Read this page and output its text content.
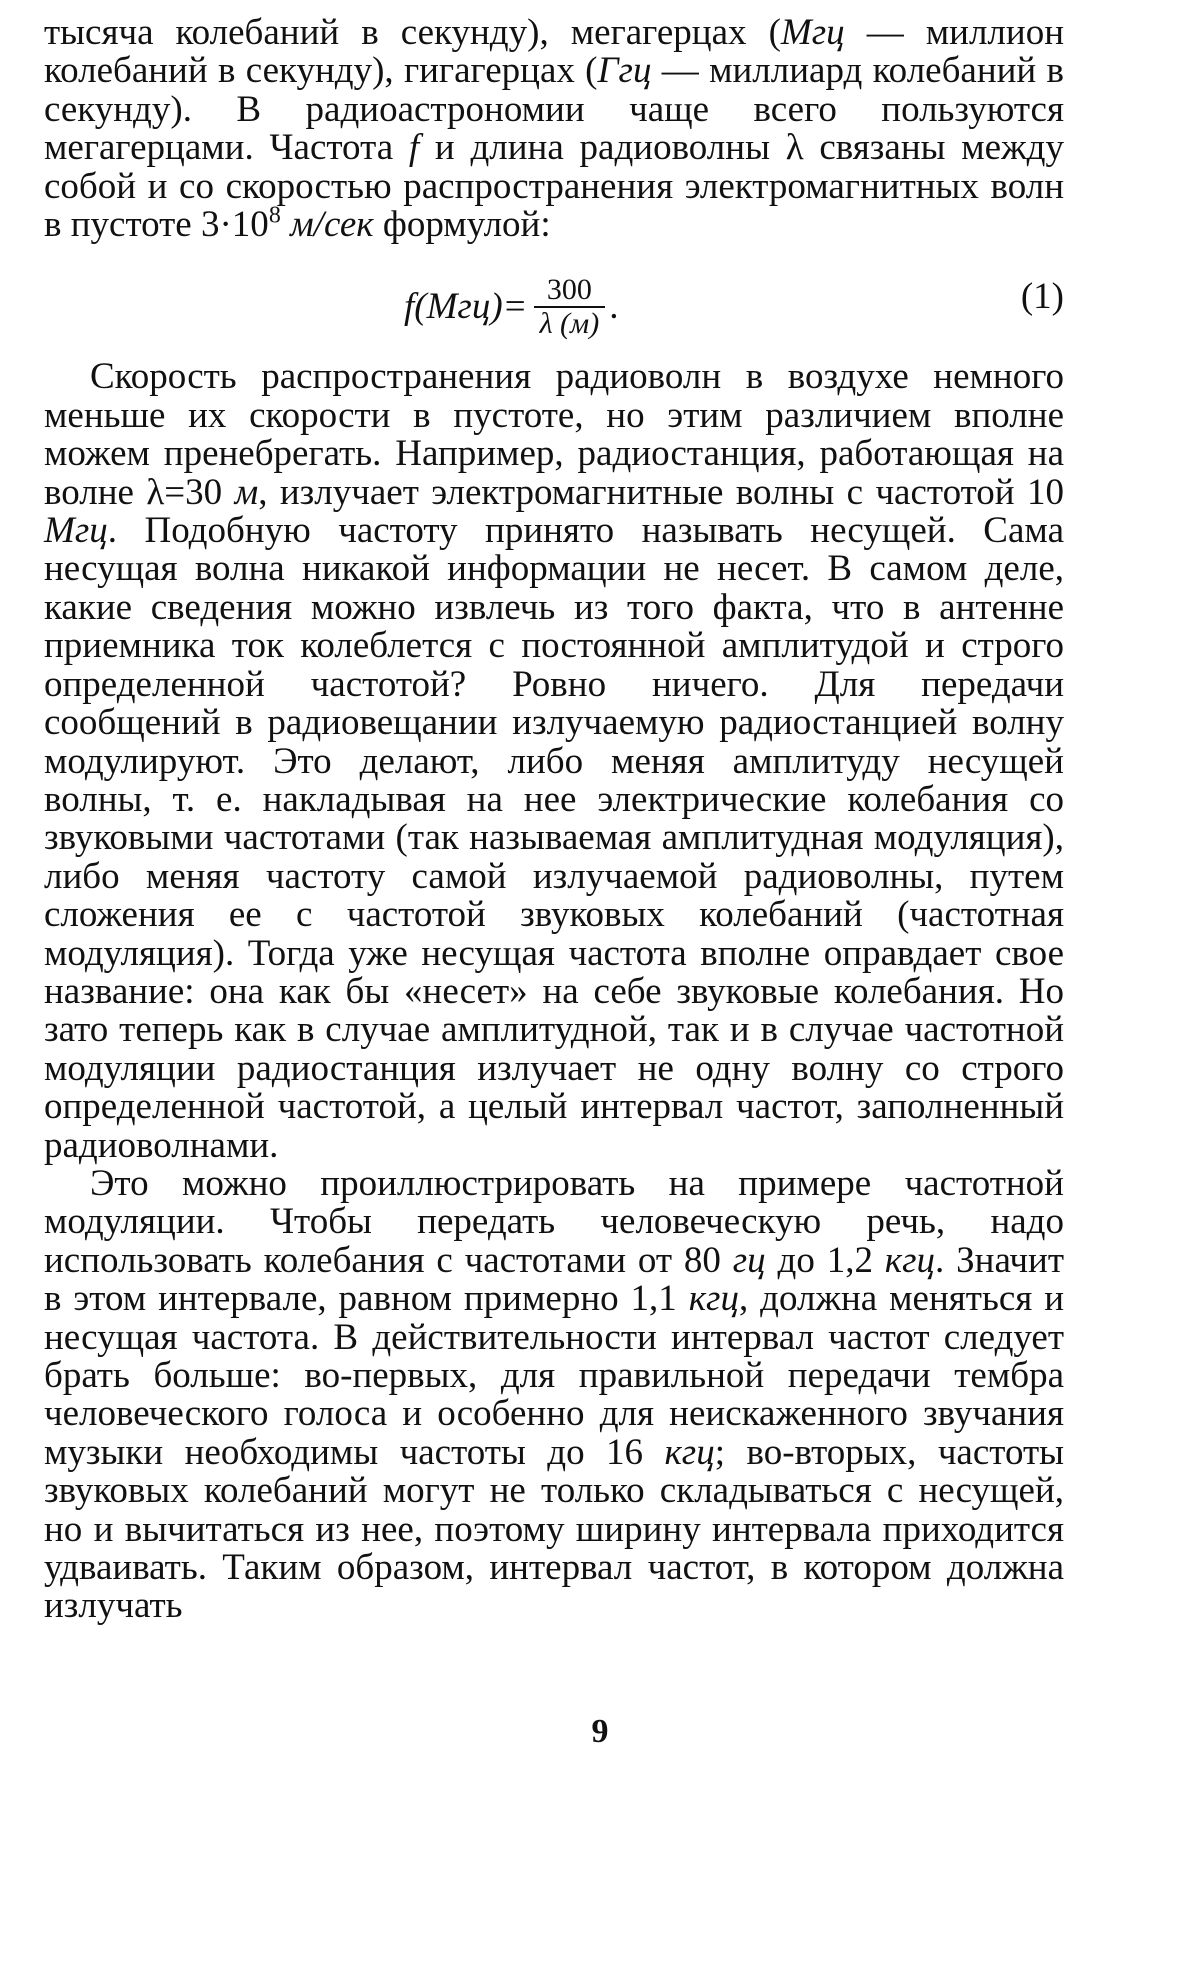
тысяча колебаний в секунду), мегагерцах (Мгц — миллион колебаний в секунду), гигагерцах (Ггц — миллиард колебаний в секунду). В радиоастрономии чаще всего пользуются мегагерцами. Частота f и длина радиоволны λ связаны между собой и со скоростью распространения электромагнитных волн в пустоте $3\cdot 10^8$ м/сек формулой:

f $(Мгц) = \frac{300}{\lambda (м)}$ .	(1)

Скорость распространения радиоволн в воздухе немного меньше их скорости в пустоте, но этим различием вполне можем пренебрегать. Например, радиостанция, работающая на волне λ=30 м, излучает электромагнитные волны с частотой 10 Мгц. Подобную частоту принято называть несущей. Сама несущая волна никакой информации не несет. В самом деле, какие сведения можно извлечь из того факта, что в антенне приемника ток колеблется с постоянной амплитудой и строго определенной частотой? Ровно ничего. Для передачи сообщений в радиовещании излучаемую радиостанцией волну модулируют. Это делают, либо меняя амплитуду несущей волны, т. е. накладывая на нее электрические колебания со звуковыми частотами (так называемая амплитудная модуляция), либо меняя частоту самой излучаемой радиоволны, путем сложения ее с частотой звуковых колебаний (частотная модуляция). Тогда уже несущая частота вполне оправдает свое название: она как бы «несет» на себе звуковые колебания. Но зато теперь как в случае амплитудной, так и в случае частотной модуляции радиостанция излучает не одну волну со строго определенной частотой, а целый интервал частот, заполненный радиоволнами.

Это можно проиллюстрировать на примере частотной модуляции. Чтобы передать человеческую речь, надо использовать колебания с частотами от 80 гц до 1,2 кгц. Значит в этом интервале, равном примерно 1,1 кгц, должна меняться и несущая частота. В действительности интервал частот следует брать больше: во-первых, для правильной передачи тембра человеческого голоса и особенно для неискаженного звучания музыки необходимы частоты до 16 кгц; во-вторых, частоты звуковых колебаний могут не только складываться с несущей, но и вычитаться из нее, поэтому ширину интервала приходится удваивать. Таким образом, интервал частот, в котором должна излучать

9
